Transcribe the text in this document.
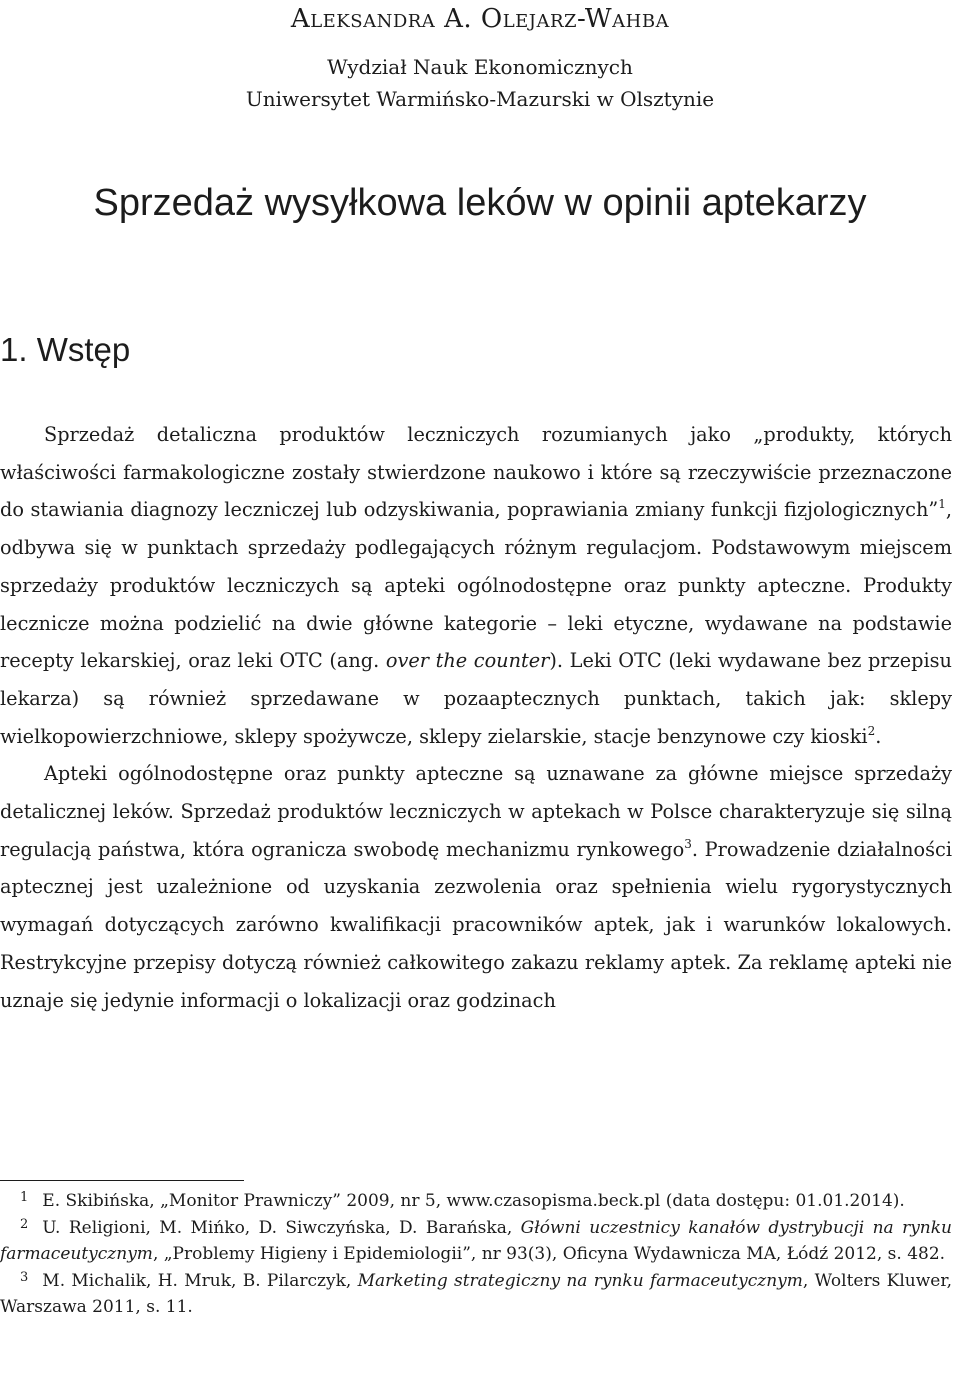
Aleksandra A. Olejarz-Wahba
Wydział Nauk Ekonomicznych
Uniwersytet Warmińsko-Mazurski w Olsztynie
Sprzedaż wysyłkowa leków w opinii aptekarzy
1. Wstęp

Sprzedaż detaliczna produktów leczniczych rozumianych jako „produkty, których właściwości farmakologiczne zostały stwierdzone naukowo i które są rzeczywiście przeznaczone do stawiania diagnozy leczniczej lub odzyskiwania, poprawiania zmiany funkcji fizjologicznych”$^1$, odbywa się w punktach sprzedaży podlegających różnym regulacjom. Podstawowym miejscem sprzedaży produktów leczniczych są apteki ogólnodostępne oraz punkty apteczne. Produkty lecznicze można podzielić na dwie główne kategorie – leki etyczne, wydawane na podstawie recepty lekarskiej, oraz leki OTC (ang. over the counter). Leki OTC (leki wydawane bez przepisu lekarza) są również sprzedawane w pozaaptecznych punktach, takich jak: sklepy wielkopowierzchniowe, sklepy spożywcze, sklepy zielarskie, stacje benzynowe czy kioski$^2$.

Apteki ogólnodostępne oraz punkty apteczne są uznawane za główne miejsce sprzedaży detalicznej leków. Sprzedaż produktów leczniczych w aptekach w Polsce charakteryzuje się silną regulacją państwa, która ogranicza swobodę mechanizmu rynkowego$^3$. Prowadzenie działalności aptecznej jest uzależnione od uzyskania zezwolenia oraz spełnienia wielu rygorystycznych wymagań dotyczących zarówno kwalifikacji pracowników aptek, jak i warunków lokalowych. Restrykcyjne przepisy dotyczą również całkowitego zakazu reklamy aptek. Za reklamę apteki nie uznaje się jedynie informacji o lokalizacji oraz godzinach

$^1$ E. Skibińska, „Monitor Prawniczy” 2009, nr 5, www.czasopisma.beck.pl (data dostępu: 01.01.2014).

$^2$ U. Religioni, M. Mińko, D. Siwczyńska, D. Barańska, Główni uczestnicy kanałów dystrybucji na rynku farmaceutycznym, „Problemy Higieny i Epidemiologii”, nr 93(3), Oficyna Wydawnicza MA, Łódź 2012, s. 482.

$^3$ M. Michalik, H. Mruk, B. Pilarczyk, Marketing strategiczny na rynku farmaceutycznym, Wolters Kluwer, Warszawa 2011, s. 11.
